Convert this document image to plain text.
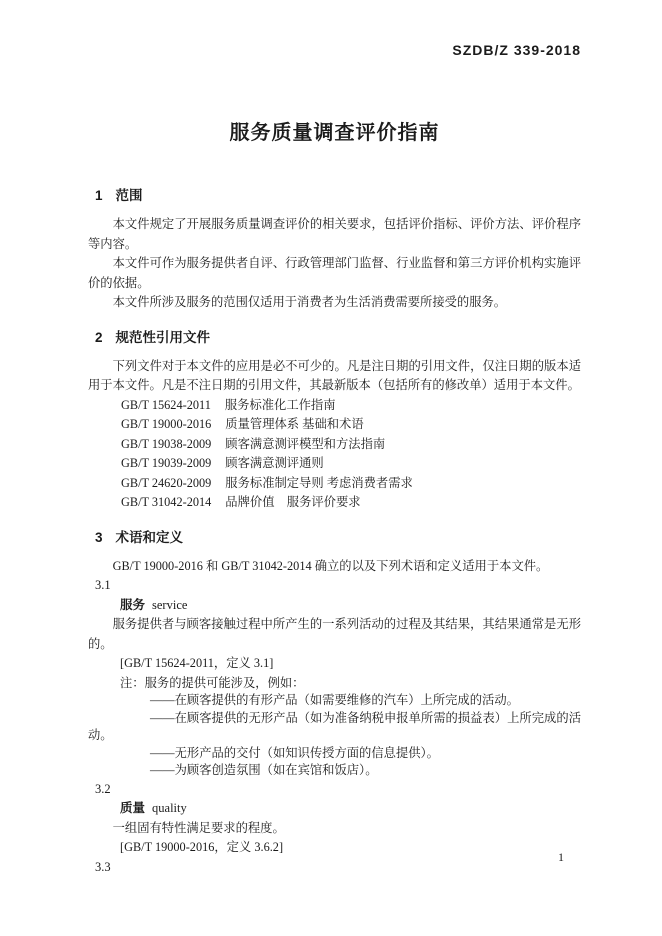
SZDB/Z 339-2018
服务质量调查评价指南
1 范围

本文件规定了开展服务质量调查评价的相关要求，包括评价指标、评价方法、评价程序等内容。

本文件可作为服务提供者自评、行政管理部门监督、行业监督和第三方评价机构实施评价的依据。

本文件所涉及服务的范围仅适用于消费者为生活消费需要所接受的服务。

2 规范性引用文件

下列文件对于本文件的应用是必不可少的。凡是注日期的引用文件，仅注日期的版本适用于本文件。凡是不注日期的引用文件，其最新版本（包括所有的修改单）适用于本文件。

GB/T 15624-2011 服务标准化工作指南
GB/T 19000-2016 质量管理体系 基础和术语
GB/T 19038-2009 顾客满意测评模型和方法指南
GB/T 19039-2009 顾客满意测评通则
GB/T 24620-2009 服务标准制定导则 考虑消费者需求
GB/T 31042-2014 品牌价值　服务评价要求
3 术语和定义

GB/T 19000-2016 和 GB/T 31042-2014 确立的以及下列术语和定义适用于本文件。

3.1
服务 service

服务提供者与顾客接触过程中所产生的一系列活动的过程及其结果，其结果通常是无形的。

[GB/T 15624-2011，定义 3.1]
注：服务的提供可能涉及，例如：

——在顾客提供的有形产品（如需要维修的汽车）上所完成的活动。

——在顾客提供的无形产品（如为准备纳税申报单所需的损益表）上所完成的活动。

——无形产品的交付（如知识传授方面的信息提供）。

——为顾客创造氛围（如在宾馆和饭店）。

3.2
质量 quality

一组固有特性满足要求的程度。

[GB/T 19000-2016，定义 3.6.2]
3.3
1
